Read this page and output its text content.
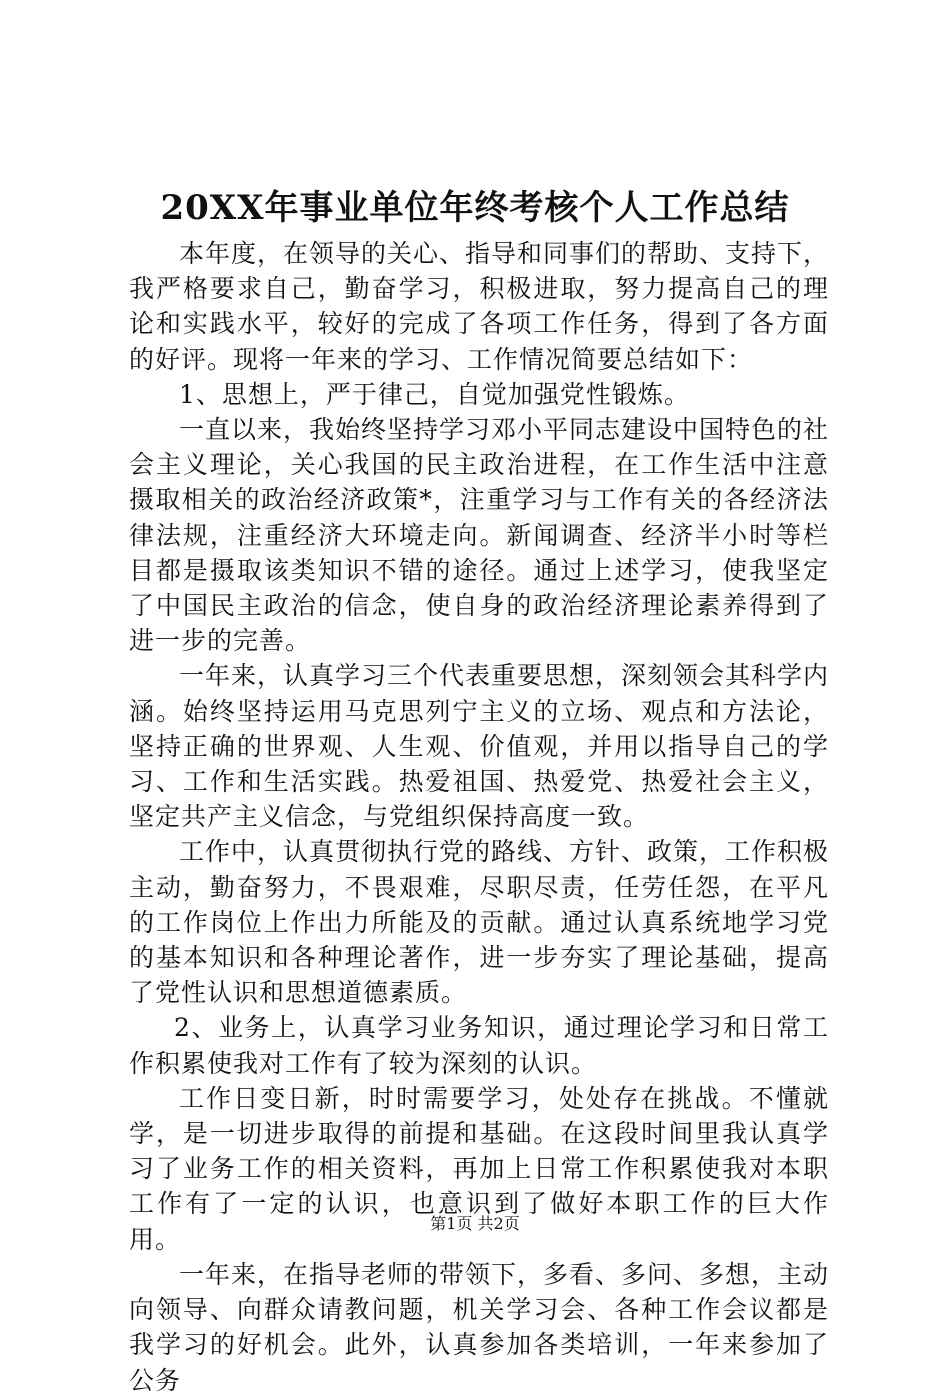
20XX年事业单位年终考核个人工作总结

本年度，在领导的关心、指导和同事们的帮助、支持下，我严格要求自己，勤奋学习，积极进取，努力提高自己的理论和实践水平，较好的完成了各项工作任务，得到了各方面的好评。现将一年来的学习、工作情况简要总结如下：

1、思想上，严于律己，自觉加强党性锻炼。

一直以来，我始终坚持学习邓小平同志建设中国特色的社会主义理论，关心我国的民主政治进程，在工作生活中注意摄取相关的政治经济政策*，注重学习与工作有关的各经济法律法规，注重经济大环境走向。新闻调查、经济半小时等栏目都是摄取该类知识不错的途径。通过上述学习，使我坚定了中国民主政治的信念，使自身的政治经济理论素养得到了进一步的完善。

一年来，认真学习三个代表重要思想，深刻领会其科学内涵。始终坚持运用马克思列宁主义的立场、观点和方法论，坚持正确的世界观、人生观、价值观，并用以指导自己的学习、工作和生活实践。热爱祖国、热爱党、热爱社会主义，坚定共产主义信念，与党组织保持高度一致。

工作中，认真贯彻执行党的路线、方针、政策，工作积极主动，勤奋努力，不畏艰难，尽职尽责，任劳任怨，在平凡的工作岗位上作出力所能及的贡献。通过认真系统地学习党的基本知识和各种理论著作，进一步夯实了理论基础，提高了党性认识和思想道德素质。

2、业务上，认真学习业务知识，通过理论学习和日常工作积累使我对工作有了较为深刻的认识。

工作日变日新，时时需要学习，处处存在挑战。不懂就学，是一切进步取得的前提和基础。在这段时间里我认真学习了业务工作的相关资料，再加上日常工作积累使我对本职工作有了一定的认识，也意识到了做好本职工作的巨大作用。

一年来，在指导老师的带领下，多看、多问、多想，主动向领导、向群众请教问题，机关学习会、各种工作会议都是我学习的好机会。此外，认真参加各类培训，一年来参加了公务

第1页 共2页
